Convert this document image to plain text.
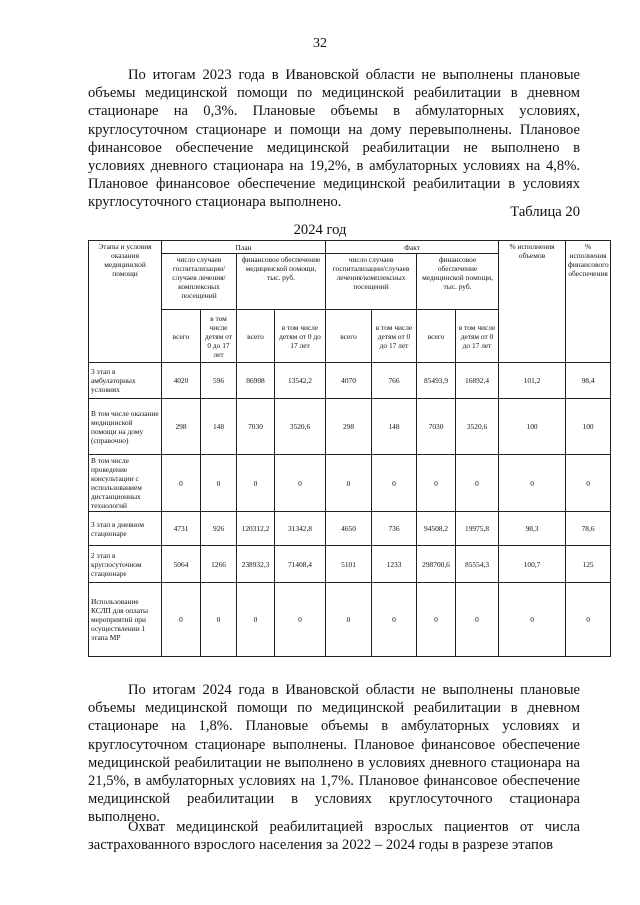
32

По итогам 2023 года в Ивановской области не выполнены плановые объемы медицинской помощи по медицинской реабилитации в дневном стационаре на 0,3%. Плановые объемы в абмулаторных условиях, круглосуточном стационаре и помощи на дому перевыполнены. Плановое финансовое обеспечение медицинской реабилитации не выполнено в условиях дневного стационара на 19,2%, в амбулаторных условиях на 4,8%. Плановое финансовое обеспечение медицинской реабилитации в условиях круглосуточного стационара выполнено.

Таблица 20
2024 год
Этапы и условия оказания медицинской помощи	План				Факт				% исполнения объемов	% исполнения финансового обеспечения
	число случаев госпитализации/случаев лечения/комплексных посещений		финансовое обеспечение медицинской помощи, тыс. руб.		число случаев госпитализации/случаев лечения/комплексных посещений		финансовое обеспечение медицинской помощи, тыс. руб.			
	всего	в том числе детям от 0 до 17 лет	всего	в том числе детям от 0 до 17 лет	всего	в том числе детям от 0 до 17 лет	всего	в том числе детям от 0 до 17 лет		
3 этап в амбулаторных условиях	4020	596	86908	13542,2	4070	766	85493,9	16892,4	101,2	98,4
В том числе оказание медицинской помощи на дому (справочно)	298	148	7030	3520,6	298	148	7030	3520,6	100	100
В том числе проведение консультации с использованием дистанционных технологий	0	0	0	0	0	0	0	0	0	0
3 этап в дневном стационаре	4731	926	120312,2	31342,8	4650	736	94508,2	19975,8	98,3	78,6
2 этап в круглосуточном стационаре	5064	1266	238932,3	71408,4	5101	1233	298700,6	85554,3	100,7	125
Использование КСЛП для оплаты мероприятий при осуществлении 1 этапа МР	0	0	0	0	0	0	0	0	0	0

По итогам 2024 года в Ивановской области не выполнены плановые объемы медицинской помощи по медицинской реабилитации в дневном стационаре на 1,8%. Плановые объемы в амбулаторных условиях и круглосуточном стационаре выполнены. Плановое финансовое обеспечение медицинской реабилитации не выполнено в условиях дневного стационара на 21,5%, в амбулаторных условиях на 1,7%. Плановое финансовое обеспечение медицинской реабилитации в условиях круглосуточного стационара выполнено.

Охват медицинской реабилитацией взрослых пациентов от числа застрахованного взрослого населения за 2022 – 2024 годы в разрезе этапов
